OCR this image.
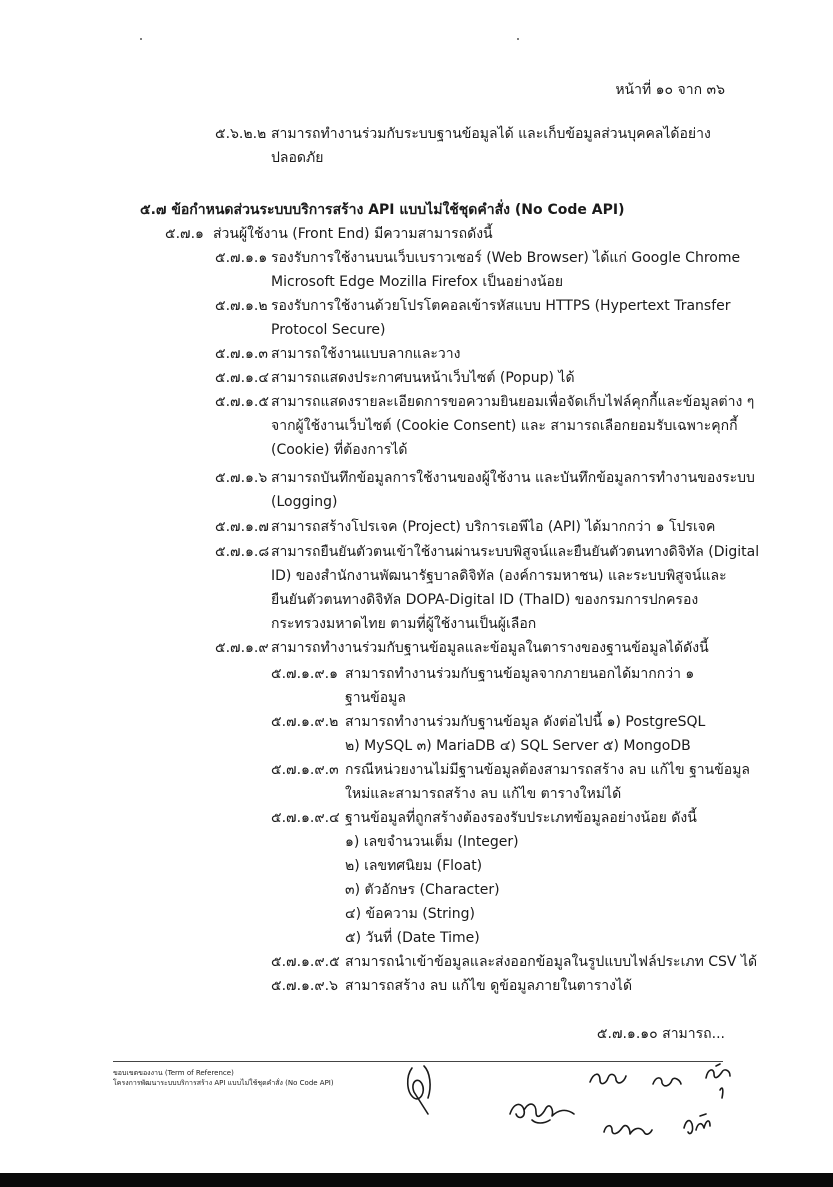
หน้าที่ ๑๐ จาก ๓๖
๕.๖.๒.๒ สามารถทำงานร่วมกับระบบฐานข้อมูลได้ และเก็บข้อมูลส่วนบุคคลได้อย่าง
ปลอดภัย
๕.๗ ข้อกำหนดส่วนระบบบริการสร้าง API แบบไม่ใช้ชุดคำสั่ง (No Code API)
๕.๗.๑ ส่วนผู้ใช้งาน (Front End) มีความสามารถดังนี้
๕.๗.๑.๑ รองรับการใช้งานบนเว็บเบราวเซอร์ (Web Browser) ได้แก่ Google Chrome
Microsoft Edge Mozilla Firefox เป็นอย่างน้อย
๕.๗.๑.๒ รองรับการใช้งานด้วยโปรโตคอลเข้ารหัสแบบ HTTPS (Hypertext Transfer
Protocol Secure)
๕.๗.๑.๓ สามารถใช้งานแบบลากและวาง
๕.๗.๑.๔ สามารถแสดงประกาศบนหน้าเว็บไซต์ (Popup) ได้
๕.๗.๑.๕ สามารถแสดงรายละเอียดการขอความยินยอมเพื่อจัดเก็บไฟล์คุกกี้และข้อมูลต่าง ๆ
จากผู้ใช้งานเว็บไซต์ (Cookie Consent) และ สามารถเลือกยอมรับเฉพาะคุกกี้
(Cookie) ที่ต้องการได้
๕.๗.๑.๖ สามารถบันทึกข้อมูลการใช้งานของผู้ใช้งาน และบันทึกข้อมูลการทำงานของระบบ
(Logging)
๕.๗.๑.๗ สามารถสร้างโปรเจค (Project) บริการเอพีไอ (API) ได้มากกว่า ๑ โปรเจค
๕.๗.๑.๘ สามารถยืนยันตัวตนเข้าใช้งานผ่านระบบพิสูจน์และยืนยันตัวตนทางดิจิทัล (Digital
ID) ของสำนักงานพัฒนารัฐบาลดิจิทัล (องค์การมหาชน) และระบบพิสูจน์และ
ยืนยันตัวตนทางดิจิทัล DOPA-Digital ID (ThaID) ของกรมการปกครอง
กระทรวงมหาดไทย ตามที่ผู้ใช้งานเป็นผู้เลือก
๕.๗.๑.๙ สามารถทำงานร่วมกับฐานข้อมูลและข้อมูลในตารางของฐานข้อมูลได้ดังนี้
๕.๗.๑.๙.๑ สามารถทำงานร่วมกับฐานข้อมูลจากภายนอกได้มากกว่า ๑
ฐานข้อมูล
๕.๗.๑.๙.๒ สามารถทำงานร่วมกับฐานข้อมูล ดังต่อไปนี้ ๑) PostgreSQL
๒) MySQL ๓) MariaDB ๔) SQL Server ๕) MongoDB
๕.๗.๑.๙.๓ กรณีหน่วยงานไม่มีฐานข้อมูลต้องสามารถสร้าง ลบ แก้ไข ฐานข้อมูล
ใหม่และสามารถสร้าง ลบ แก้ไข ตารางใหม่ได้
๕.๗.๑.๙.๔ ฐานข้อมูลที่ถูกสร้างต้องรองรับประเภทข้อมูลอย่างน้อย ดังนี้
๑) เลขจำนวนเต็ม (Integer)
๒) เลขทศนิยม (Float)
๓) ตัวอักษร (Character)
๔) ข้อความ (String)
๕) วันที่ (Date Time)
๕.๗.๑.๙.๕ สามารถนำเข้าข้อมูลและส่งออกข้อมูลในรูปแบบไฟล์ประเภท CSV ได้
๕.๗.๑.๙.๖ สามารถสร้าง ลบ แก้ไข ดูข้อมูลภายในตารางได้
๕.๗.๑.๑๐ สามารถ...
ขอบเขตของงาน (Term of Reference)
โครงการพัฒนาระบบบริการสร้าง API แบบไม่ใช้ชุดคำสั่ง (No Code API)
